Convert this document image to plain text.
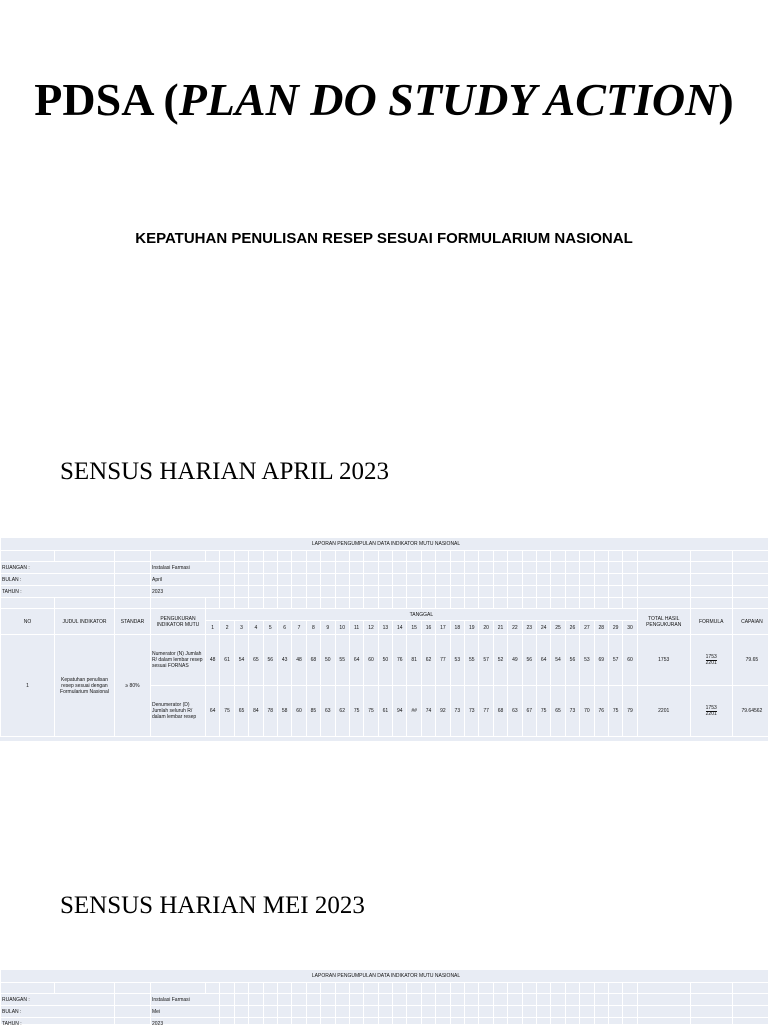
PDSA (PLAN DO STUDY ACTION)
KEPATUHAN PENULISAN RESEP SESUAI FORMULARIUM NASIONAL
SENSUS HARIAN APRIL 2023
LAPORAN PENGUMPULAN DATA INDIKATOR MUTU NASIONAL																																				

RUANGAN :			Instalasi Farmasi																																	
BULAN :			April																																	
TAHUN :			2023																																	

NO	JUDUL INDIKATOR	STANDAR	PENGUKURAN INDIKATOR MUTU	TANGGAL																														TOTAL HASIL PENGUKURAN	FORMULA	CAPAIAN
				1	2	3	4	5	6	7	8	9	10	11	12	13	14	15	16	17	18	19	20	21	22	23	24	25	26	27	28	29	30			
1	Kepatuhan penulisan resep sesuai dengan Formularium Nasional	≥ 80%	Numerator (N) Jumlah R/ dalam lembar resep sesuai FORNAS	48	61	54	65	56	43	48	68	50	55	64	60	50	76	81	62	77	53	55	57	52	49	56	64	54	56	53	69	57	60	1753	$\frac{1753}{2201}$	79.65
			Denumerator (D) Jumlah seluruh R/ dalam lembar resep	64	75	65	84	78	58	60	85	63	62	75	75	61	94	##	74	92	73	73	77	68	63	67	75	65	73	70	76	75	79	2201	$\frac{1753}{2201}$	79.64562
SENSUS HARIAN MEI 2023
LAPORAN PENGUMPULAN DATA INDIKATOR MUTU NASIONAL																																				

RUANGAN :			Instalasi Farmasi																																	
BULAN :			Mei																																	
TAHUN :			2023																																	
